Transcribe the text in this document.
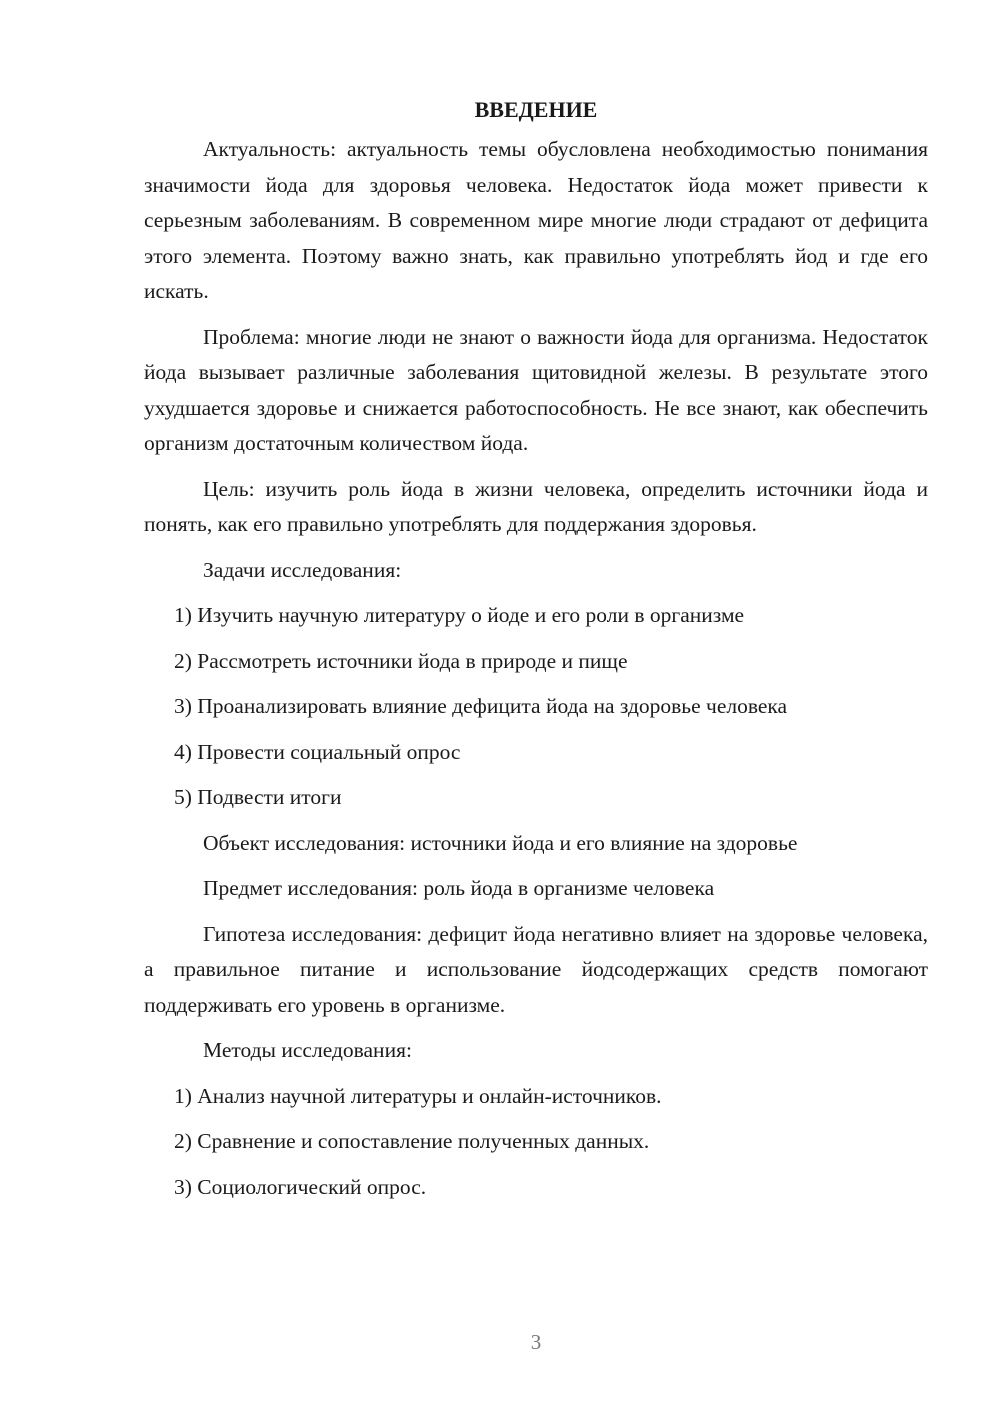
ВВЕДЕНИЕ

Актуальность: актуальность темы обусловлена необходимостью понимания значимости йода для здоровья человека. Недостаток йода может привести к серьезным заболеваниям. В современном мире многие люди страдают от дефицита этого элемента. Поэтому важно знать, как правильно употреблять йод и где его искать.

Проблема: многие люди не знают о важности йода для организма. Недостаток йода вызывает различные заболевания щитовидной железы. В результате этого ухудшается здоровье и снижается работоспособность. Не все знают, как обеспечить организм достаточным количеством йода.

Цель: изучить роль йода в жизни человека, определить источники йода и понять, как его правильно употреблять для поддержания здоровья.

Задачи исследования:

1) Изучить научную литературу о йоде и его роли в организме

2) Рассмотреть источники йода в природе и пище

3) Проанализировать влияние дефицита йода на здоровье человека

4) Провести социальный опрос

5) Подвести итоги

Объект исследования: источники йода и его влияние на здоровье

Предмет исследования: роль йода в организме человека

Гипотеза исследования: дефицит йода негативно влияет на здоровье человека, а правильное питание и использование йодсодержащих средств помогают поддерживать его уровень в организме.

Методы исследования:

1) Анализ научной литературы и онлайн-источников.

2) Сравнение и сопоставление полученных данных.

3) Социологический опрос.

3
